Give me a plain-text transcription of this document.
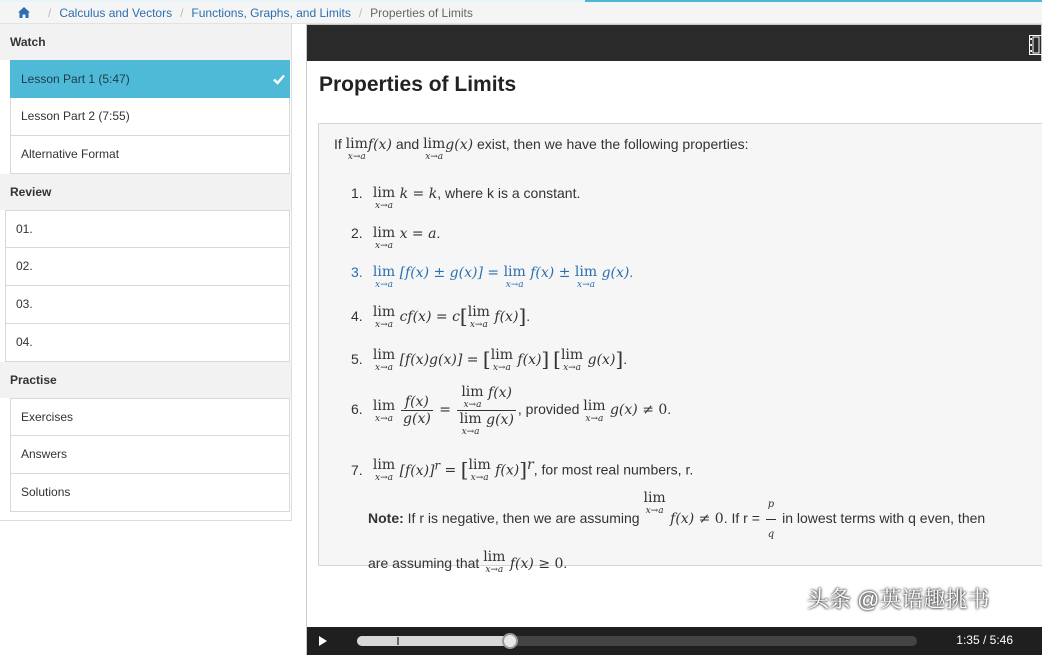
/ Calculus and Vectors / Functions, Graphs, and Limits / Properties of Limits
Watch
Lesson Part 1 (5:47)
Lesson Part 2 (7:55)
Alternative Format
Review
01.
02.
03.
04.
Practise
Exercises
Answers
Solutions
Properties of Limits
If lim
x→a
f(x) and lim
x→a
g(x) exist, then we have the following properties:
1. lim
x→a
k = k, where k is a constant.
2. lim
x→a
x = a.
3. lim
x→a
[f(x) ± g(x)] = lim
x→a
f(x) ± lim
x→a
g(x).
4. lim
x→a cf(x) = c[lim
x→a f(x)].
5. lim
x→a [f(x)g(x)] = [lim
x→a f(x)] [lim
x→a g(x)].
6. lim
x→a
$\frac{f(x)}{g(x)} = \lim$
x→a
f(x)
lim
x→a
g(x) , provided lim
x→a
g(x) ≠ 0.
7. lim
x→a $[f(x)]^r = [\lim$
x→a f(x)]$^r$, for most real numbers, r.
Note: If r is negative, then we are assuming lim
x→a
f(x) ≠ 0. If $r = \frac{p}{q}$ in lowest terms with q even, then
are assuming that lim
x→a f(x) ≥ 0.
头条 @英语趣挑书
1:35 / 5:46
